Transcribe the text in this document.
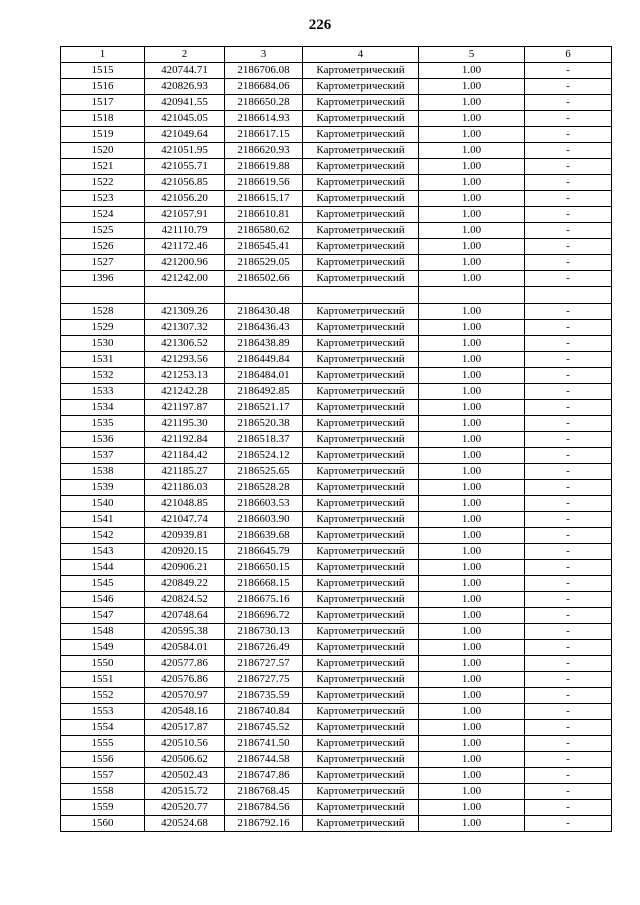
226
1	2	3	4	5	6
1515	420744.71	2186706.08	Картометрический	1.00	-
1516	420826.93	2186684.06	Картометрический	1.00	-
1517	420941.55	2186650.28	Картометрический	1.00	-
1518	421045.05	2186614.93	Картометрический	1.00	-
1519	421049.64	2186617.15	Картометрический	1.00	-
1520	421051.95	2186620.93	Картометрический	1.00	-
1521	421055.71	2186619.88	Картометрический	1.00	-
1522	421056.85	2186619.56	Картометрический	1.00	-
1523	421056.20	2186615.17	Картометрический	1.00	-
1524	421057.91	2186610.81	Картометрический	1.00	-
1525	421110.79	2186580.62	Картометрический	1.00	-
1526	421172.46	2186545.41	Картометрический	1.00	-
1527	421200.96	2186529.05	Картометрический	1.00	-
1396	421242.00	2186502.66	Картометрический	1.00	-

1528	421309.26	2186430.48	Картометрический	1.00	-
1529	421307.32	2186436.43	Картометрический	1.00	-
1530	421306.52	2186438.89	Картометрический	1.00	-
1531	421293.56	2186449.84	Картометрический	1.00	-
1532	421253.13	2186484.01	Картометрический	1.00	-
1533	421242.28	2186492.85	Картометрический	1.00	-
1534	421197.87	2186521.17	Картометрический	1.00	-
1535	421195.30	2186520.38	Картометрический	1.00	-
1536	421192.84	2186518.37	Картометрический	1.00	-
1537	421184.42	2186524.12	Картометрический	1.00	-
1538	421185.27	2186525.65	Картометрический	1.00	-
1539	421186.03	2186528.28	Картометрический	1.00	-
1540	421048.85	2186603.53	Картометрический	1.00	-
1541	421047.74	2186603.90	Картометрический	1.00	-
1542	420939.81	2186639.68	Картометрический	1.00	-
1543	420920.15	2186645.79	Картометрический	1.00	-
1544	420906.21	2186650.15	Картометрический	1.00	-
1545	420849.22	2186668.15	Картометрический	1.00	-
1546	420824.52	2186675.16	Картометрический	1.00	-
1547	420748.64	2186696.72	Картометрический	1.00	-
1548	420595.38	2186730.13	Картометрический	1.00	-
1549	420584.01	2186726.49	Картометрический	1.00	-
1550	420577.86	2186727.57	Картометрический	1.00	-
1551	420576.86	2186727.75	Картометрический	1.00	-
1552	420570.97	2186735.59	Картометрический	1.00	-
1553	420548.16	2186740.84	Картометрический	1.00	-
1554	420517.87	2186745.52	Картометрический	1.00	-
1555	420510.56	2186741.50	Картометрический	1.00	-
1556	420506.62	2186744.58	Картометрический	1.00	-
1557	420502.43	2186747.86	Картометрический	1.00	-
1558	420515.72	2186768.45	Картометрический	1.00	-
1559	420520.77	2186784.56	Картометрический	1.00	-
1560	420524.68	2186792.16	Картометрический	1.00	-
